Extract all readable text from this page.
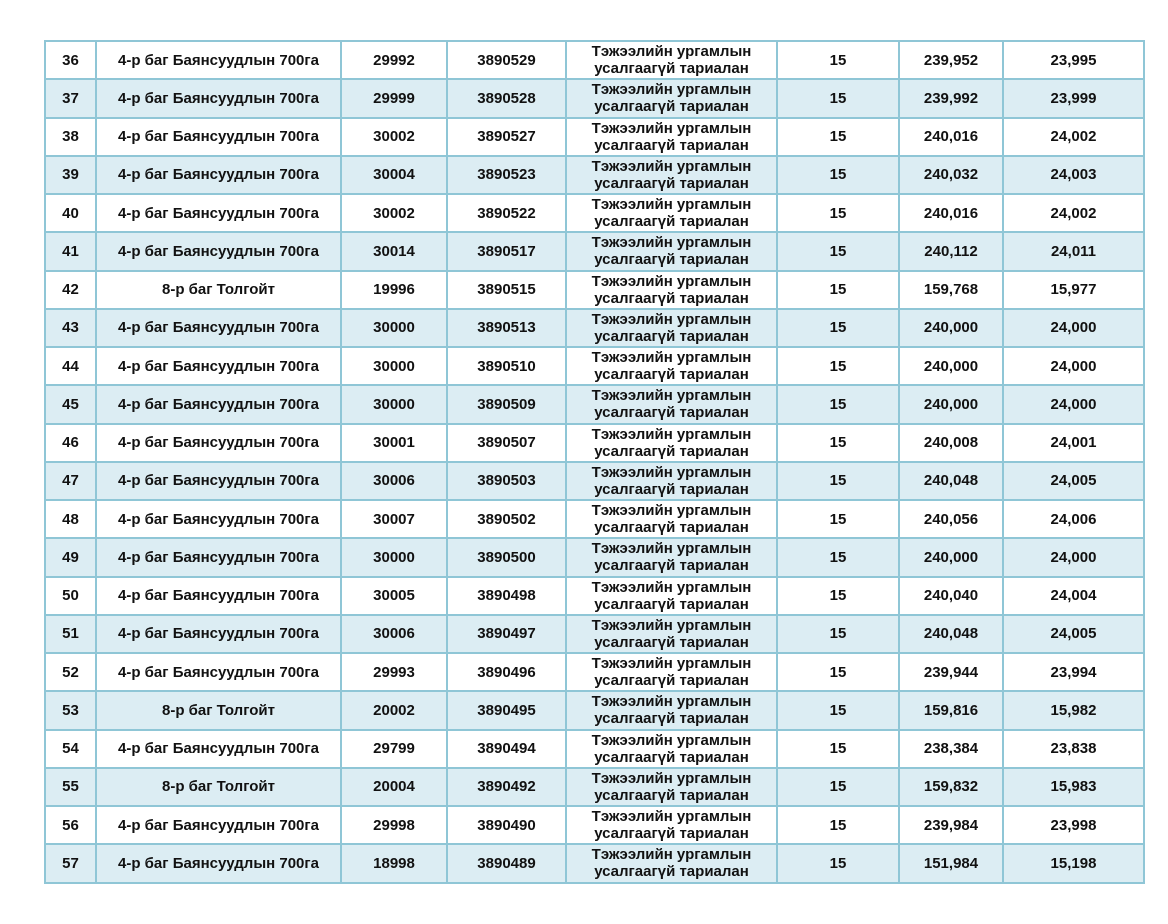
36	4-р баг Баянсуудлын 700га	29992	3890529	Тэжээлийн ургамлын усалгаагүй тариалан	15	239,952	23,995
37	4-р баг Баянсуудлын 700га	29999	3890528	Тэжээлийн ургамлын усалгаагүй тариалан	15	239,992	23,999
38	4-р баг Баянсуудлын 700га	30002	3890527	Тэжээлийн ургамлын усалгаагүй тариалан	15	240,016	24,002
39	4-р баг Баянсуудлын 700га	30004	3890523	Тэжээлийн ургамлын усалгаагүй тариалан	15	240,032	24,003
40	4-р баг Баянсуудлын 700га	30002	3890522	Тэжээлийн ургамлын усалгаагүй тариалан	15	240,016	24,002
41	4-р баг Баянсуудлын 700га	30014	3890517	Тэжээлийн ургамлын усалгаагүй тариалан	15	240,112	24,011
42	8-р баг Толгойт	19996	3890515	Тэжээлийн ургамлын усалгаагүй тариалан	15	159,768	15,977
43	4-р баг Баянсуудлын 700га	30000	3890513	Тэжээлийн ургамлын усалгаагүй тариалан	15	240,000	24,000
44	4-р баг Баянсуудлын 700га	30000	3890510	Тэжээлийн ургамлын усалгаагүй тариалан	15	240,000	24,000
45	4-р баг Баянсуудлын 700га	30000	3890509	Тэжээлийн ургамлын усалгаагүй тариалан	15	240,000	24,000
46	4-р баг Баянсуудлын 700га	30001	3890507	Тэжээлийн ургамлын усалгаагүй тариалан	15	240,008	24,001
47	4-р баг Баянсуудлын 700га	30006	3890503	Тэжээлийн ургамлын усалгаагүй тариалан	15	240,048	24,005
48	4-р баг Баянсуудлын 700га	30007	3890502	Тэжээлийн ургамлын усалгаагүй тариалан	15	240,056	24,006
49	4-р баг Баянсуудлын 700га	30000	3890500	Тэжээлийн ургамлын усалгаагүй тариалан	15	240,000	24,000
50	4-р баг Баянсуудлын 700га	30005	3890498	Тэжээлийн ургамлын усалгаагүй тариалан	15	240,040	24,004
51	4-р баг Баянсуудлын 700га	30006	3890497	Тэжээлийн ургамлын усалгаагүй тариалан	15	240,048	24,005
52	4-р баг Баянсуудлын 700га	29993	3890496	Тэжээлийн ургамлын усалгаагүй тариалан	15	239,944	23,994
53	8-р баг Толгойт	20002	3890495	Тэжээлийн ургамлын усалгаагүй тариалан	15	159,816	15,982
54	4-р баг Баянсуудлын 700га	29799	3890494	Тэжээлийн ургамлын усалгаагүй тариалан	15	238,384	23,838
55	8-р баг Толгойт	20004	3890492	Тэжээлийн ургамлын усалгаагүй тариалан	15	159,832	15,983
56	4-р баг Баянсуудлын 700га	29998	3890490	Тэжээлийн ургамлын усалгаагүй тариалан	15	239,984	23,998
57	4-р баг Баянсуудлын 700га	18998	3890489	Тэжээлийн ургамлын усалгаагүй тариалан	15	151,984	15,198
